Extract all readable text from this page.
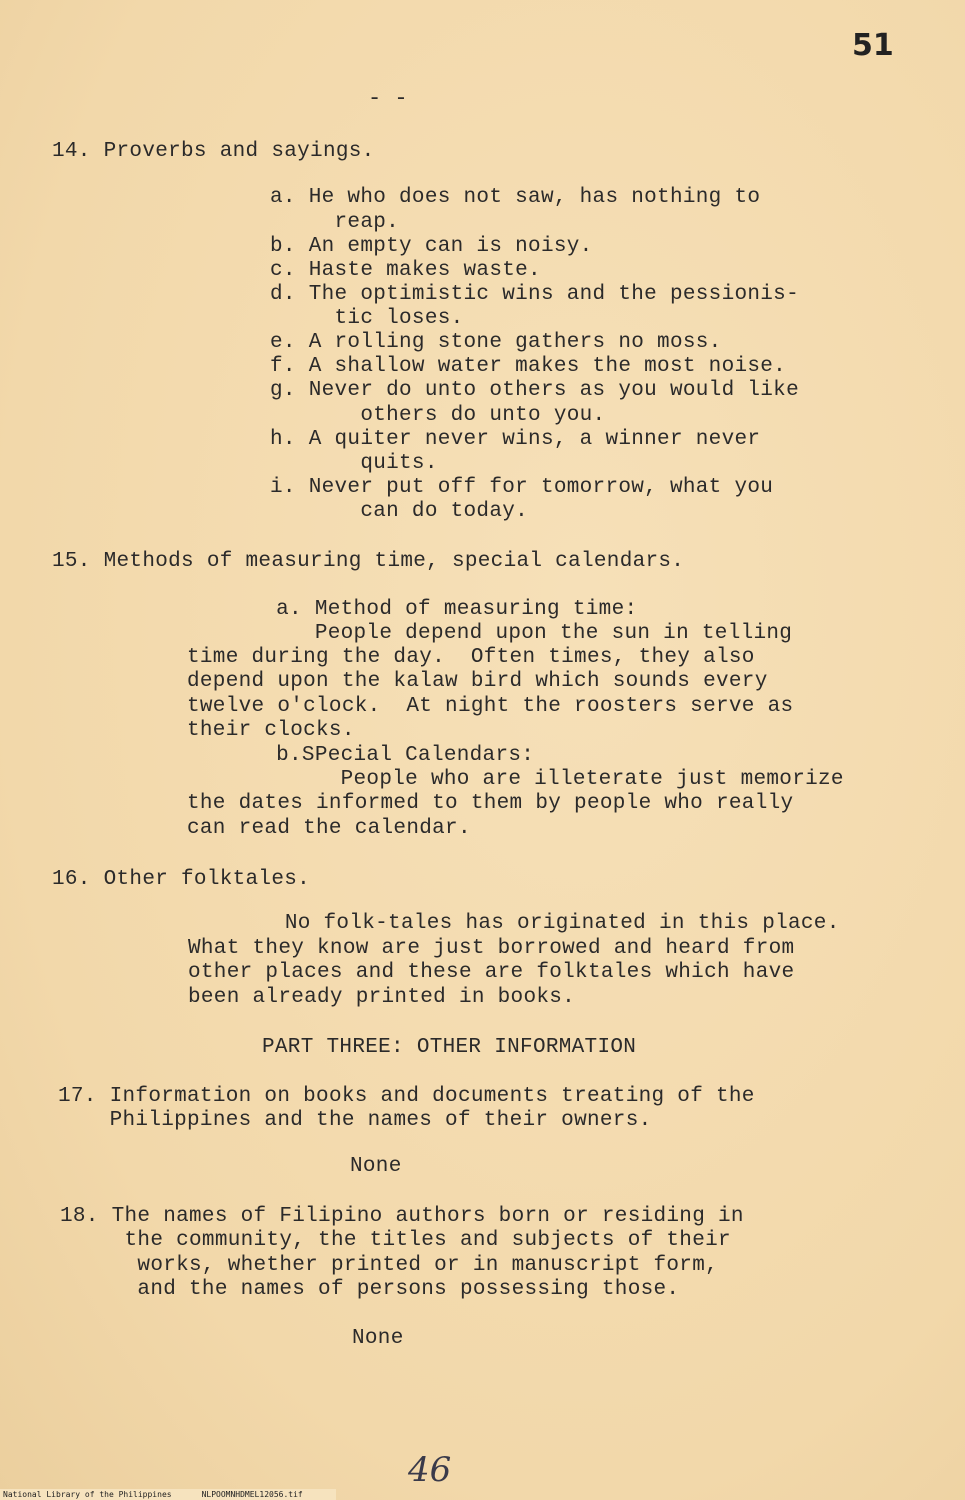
51
- -
14. Proverbs and sayings.
a. He who does not saw, has nothing to
reap.
b. An empty can is noisy.
c. Haste makes waste.
d. The optimistic wins and the pessionis-
tic loses.
e. A rolling stone gathers no moss.
f. A shallow water makes the most noise.
g. Never do unto others as you would like
others do unto you.
h. A quiter never wins, a winner never
quits.
i. Never put off for tomorrow, what you
can do today.
15. Methods of measuring time, special calendars.
a. Method of measuring time:
People depend upon the sun in telling
time during the day.  Often times, they also
depend upon the kalaw bird which sounds every
twelve o'clock.  At night the roosters serve as
their clocks.
b.SPecial Calendars:
People who are illeterate just memorize
the dates informed to them by people who really
can read the calendar.
16. Other folktales.
No folk-tales has originated in this place.
What they know are just borrowed and heard from
other places and these are folktales which have
been already printed in books.
PART THREE: OTHER INFORMATION
17. Information on books and documents treating of the
Philippines and the names of their owners.
None
18. The names of Filipino authors born or residing in
the community, the titles and subjects of their
works, whether printed or in manuscript form,
and the names of persons possessing those.
None
46
National Library of the Philippines	NLPOOMNHDMEL12056.tif
